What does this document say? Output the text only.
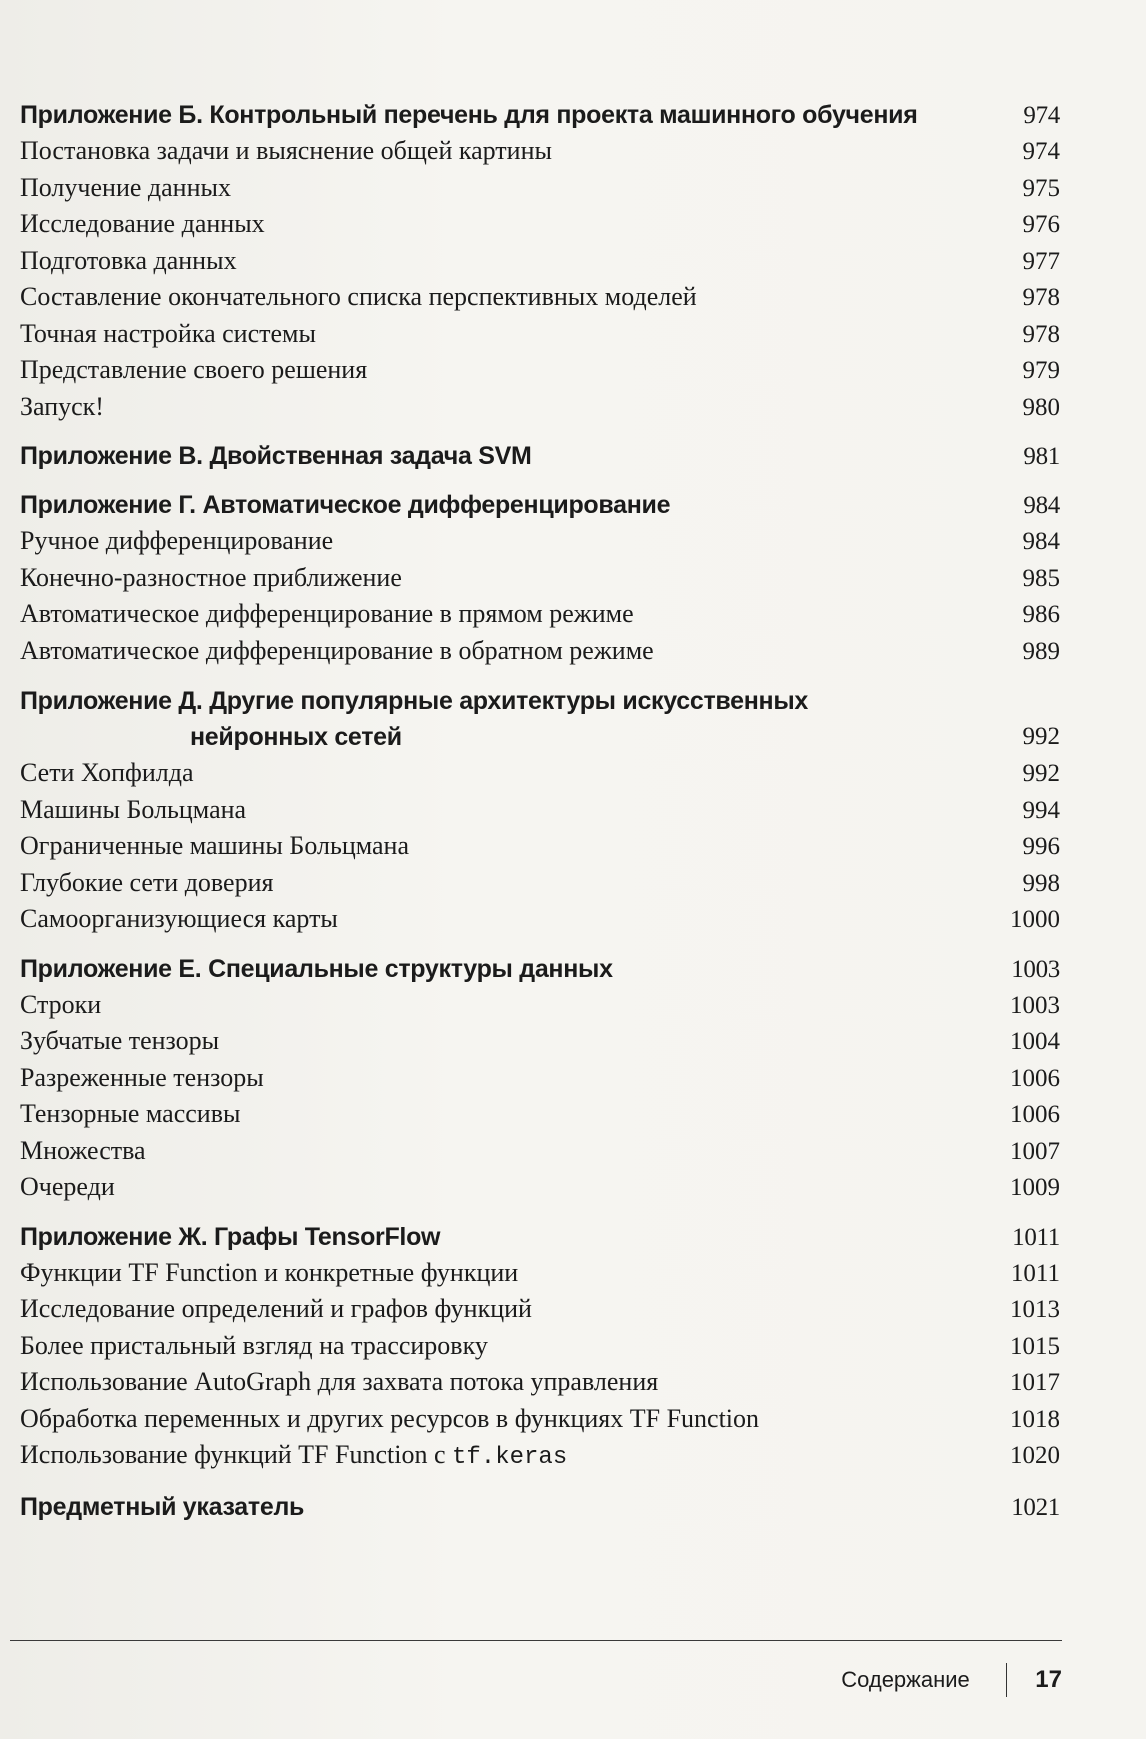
Приложение Б. Контрольный перечень для проекта машинного обучения	974
Постановка задачи и выяснение общей картины	974
Получение данных	975
Исследование данных	976
Подготовка данных	977
Составление окончательного списка перспективных моделей	978
Точная настройка системы	978
Представление своего решения	979
Запуск!	980
Приложение В. Двойственная задача SVM	981
Приложение Г. Автоматическое дифференцирование	984
Ручное дифференцирование	984
Конечно-разностное приближение	985
Автоматическое дифференцирование в прямом режиме	986
Автоматическое дифференцирование в обратном режиме	989
Приложение Д. Другие популярные архитектуры искусственных
нейронных сетей	992
Сети Хопфилда	992
Машины Больцмана	994
Ограниченные машины Больцмана	996
Глубокие сети доверия	998
Самоорганизующиеся карты	1000
Приложение Е. Специальные структуры данных	1003
Строки	1003
Зубчатые тензоры	1004
Разреженные тензоры	1006
Тензорные массивы	1006
Множества	1007
Очереди	1009
Приложение Ж. Графы TensorFlow	1011
Функции TF Function и конкретные функции	1011
Исследование определений и графов функций	1013
Более пристальный взгляд на трассировку	1015
Использование AutoGraph для захвата потока управления	1017
Обработка переменных и других ресурсов в функциях TF Function	1018
Использование функций TF Function с tf.keras	1020
Предметный указатель	1021
Содержание	17
